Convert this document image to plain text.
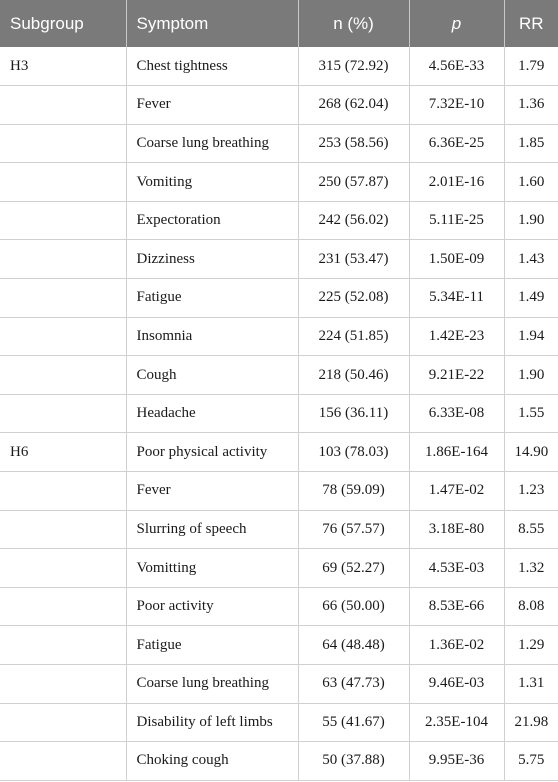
Subgroup	Symptom	n (%)	p	RR
H3	Chest tightness	315 (72.92)	4.56E-33	1.79
	Fever	268 (62.04)	7.32E-10	1.36
	Coarse lung breathing	253 (58.56)	6.36E-25	1.85
	Vomiting	250 (57.87)	2.01E-16	1.60
	Expectoration	242 (56.02)	5.11E-25	1.90
	Dizziness	231 (53.47)	1.50E-09	1.43
	Fatigue	225 (52.08)	5.34E-11	1.49
	Insomnia	224 (51.85)	1.42E-23	1.94
	Cough	218 (50.46)	9.21E-22	1.90
	Headache	156 (36.11)	6.33E-08	1.55
H6	Poor physical activity	103 (78.03)	1.86E-164	14.90
	Fever	78 (59.09)	1.47E-02	1.23
	Slurring of speech	76 (57.57)	3.18E-80	8.55
	Vomitting	69 (52.27)	4.53E-03	1.32
	Poor activity	66 (50.00)	8.53E-66	8.08
	Fatigue	64 (48.48)	1.36E-02	1.29
	Coarse lung breathing	63 (47.73)	9.46E-03	1.31
	Disability of left limbs	55 (41.67)	2.35E-104	21.98
	Choking cough	50 (37.88)	9.95E-36	5.75
